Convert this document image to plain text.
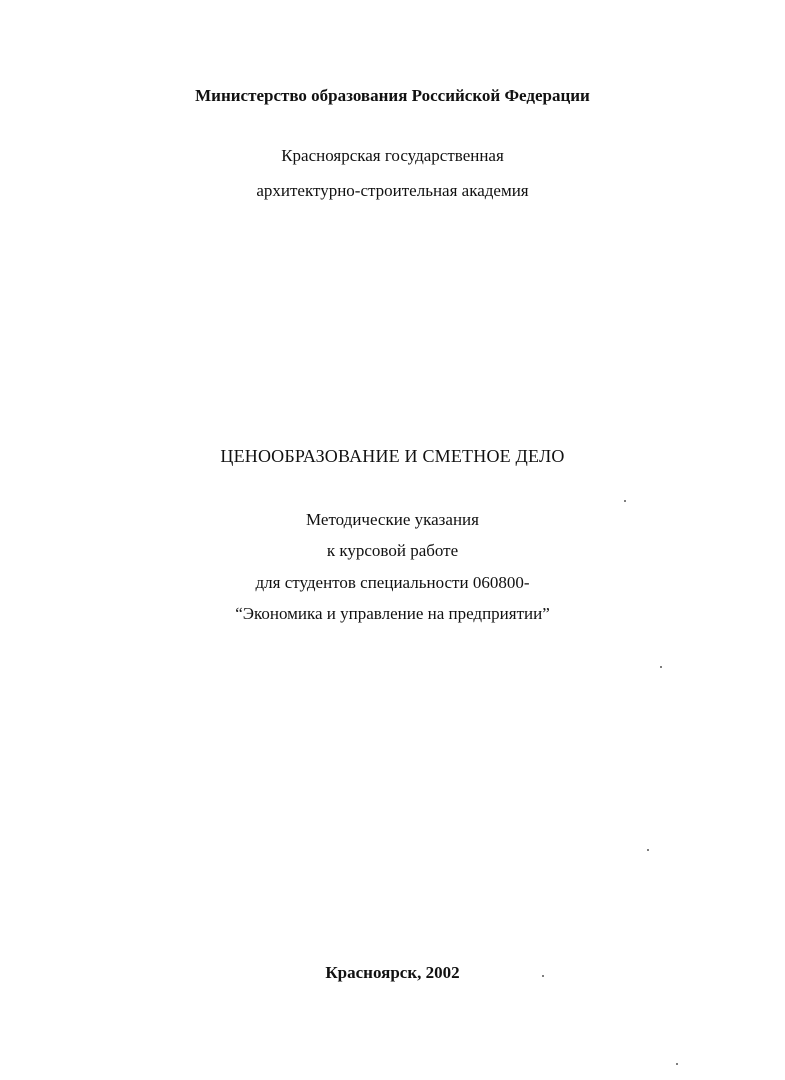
Министерство образования Российской Федерации
Красноярская государственная
архитектурно-строительная академия
ЦЕНООБРАЗОВАНИЕ И СМЕТНОЕ ДЕЛО
Методические указания
к курсовой работе
для студентов специальности 060800-
“Экономика и управление на предприятии”
Красноярск, 2002
